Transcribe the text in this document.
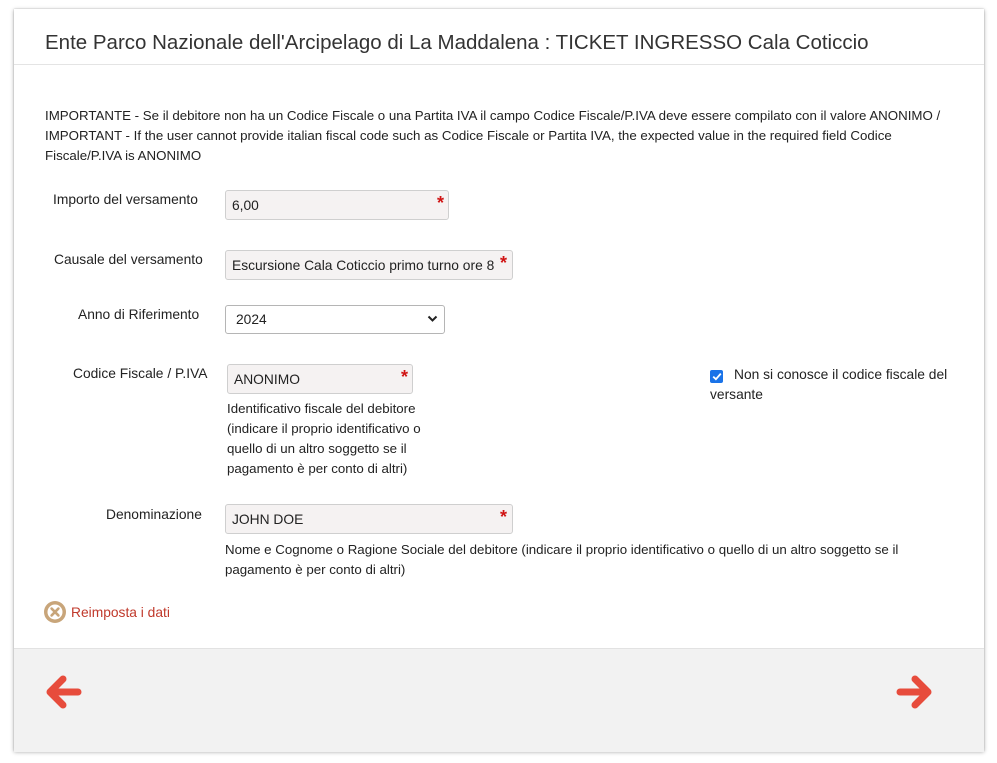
Ente Parco Nazionale dell'Arcipelago di La Maddalena : TICKET INGRESSO Cala Coticcio
IMPORTANTE - Se il debitore non ha un Codice Fiscale o una Partita IVA il campo Codice Fiscale/P.IVA deve essere compilato con il valore ANONIMO / IMPORTANT - If the user cannot provide italian fiscal code such as Codice Fiscale or Partita IVA, the expected value in the required field Codice Fiscale/P.IVA is ANONIMO
Importo del versamento 6,00	*
Causale del versamento Escursione Cala Coticcio primo turno ore 8 *
Anno di Riferimento	2024
Codice Fiscale / P.IVA ANONIMO	*
Identificativo fiscale del debitore (indicare il proprio identificativo o quello di un altro soggetto se il pagamento è per conto di altri)
Non si conosce il codice fiscale del versante
Denominazione JOHN DOE	*
Nome e Cognome o Ragione Sociale del debitore (indicare il proprio identificativo o quello di un altro soggetto se il pagamento è per conto di altri)
Reimposta i dati
